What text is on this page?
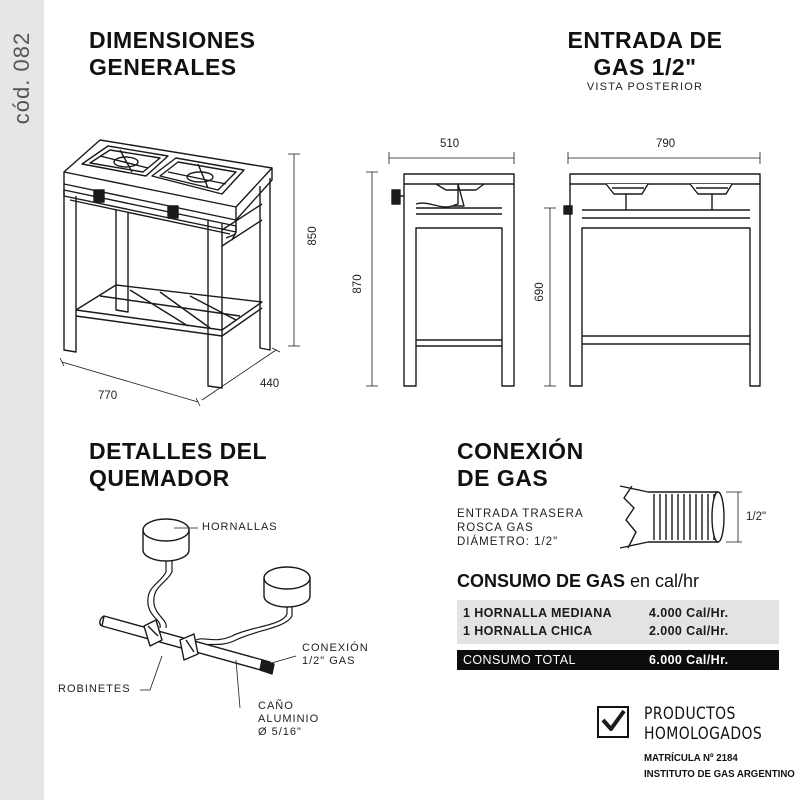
cód. 082 DIMENSIONES
GENERALES
ENTRADA DE
GAS 1/2"
VISTA POSTERIOR
DETALLES DEL
QUEMADOR
CONEXIÓN
DE GAS
770
440
850
510
870
790
690
HORNALLAS
CONEXIÓN
1/2" GAS
ROBINETES
CAÑO
ALUMINIO
Ø 5/16"
ENTRADA TRASERA
ROSCA GAS
DIÁMETRO: 1/2"
1/2"
CONSUMO DE GAS en cal/hr
1 HORNALLA MEDIANA	4.000 Cal/Hr.
1 HORNALLA CHICA	2.000 Cal/Hr.
CONSUMO TOTAL	6.000 Cal/Hr.
PRODUCTOS
HOMOLOGADOS
MATRÍCULA Nº 2184
INSTITUTO DE GAS ARGENTINO
